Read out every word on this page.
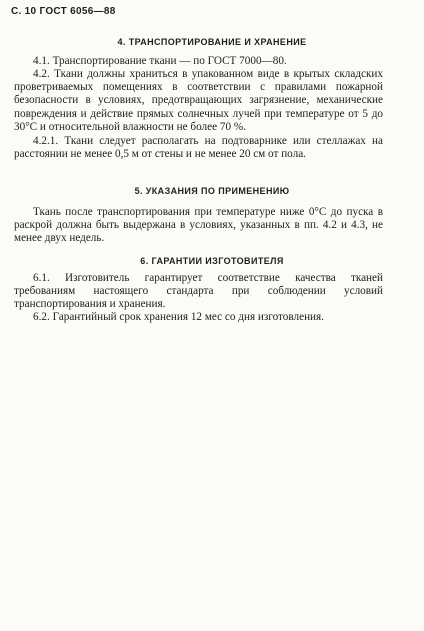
С. 10 ГОСТ 6056—88
4. ТРАНСПОРТИРОВАНИЕ И ХРАНЕНИЕ

4.1. Транспортирование ткани — по ГОСТ 7000—80.

4.2. Ткани должны храниться в упакованном виде в крытых складских проветриваемых помещениях в соответствии с правилами пожарной безопасности в условиях, предотвращающих загрязнение, механические повреждения и действие прямых солнечных лучей при температуре от 5 до 30°С и относительной влажности не более 70 %.

4.2.1. Ткани следует располагать на подтоварнике или стеллажах на расстоянии не менее 0,5 м от стены и не менее 20 см от пола.

5. УКАЗАНИЯ ПО ПРИМЕНЕНИЮ

Ткань после транспортирования при температуре ниже 0°С до пуска в раскрой должна быть выдержана в условиях, указанных в пп. 4.2 и 4.3, не менее двух недель.

6. ГАРАНТИИ ИЗГОТОВИТЕЛЯ

6.1. Изготовитель гарантирует соответствие качества тканей требованиям настоящего стандарта при соблюдении условий транспортирования и хранения.

6.2. Гарантийный срок хранения 12 мес со дня изготовления.
